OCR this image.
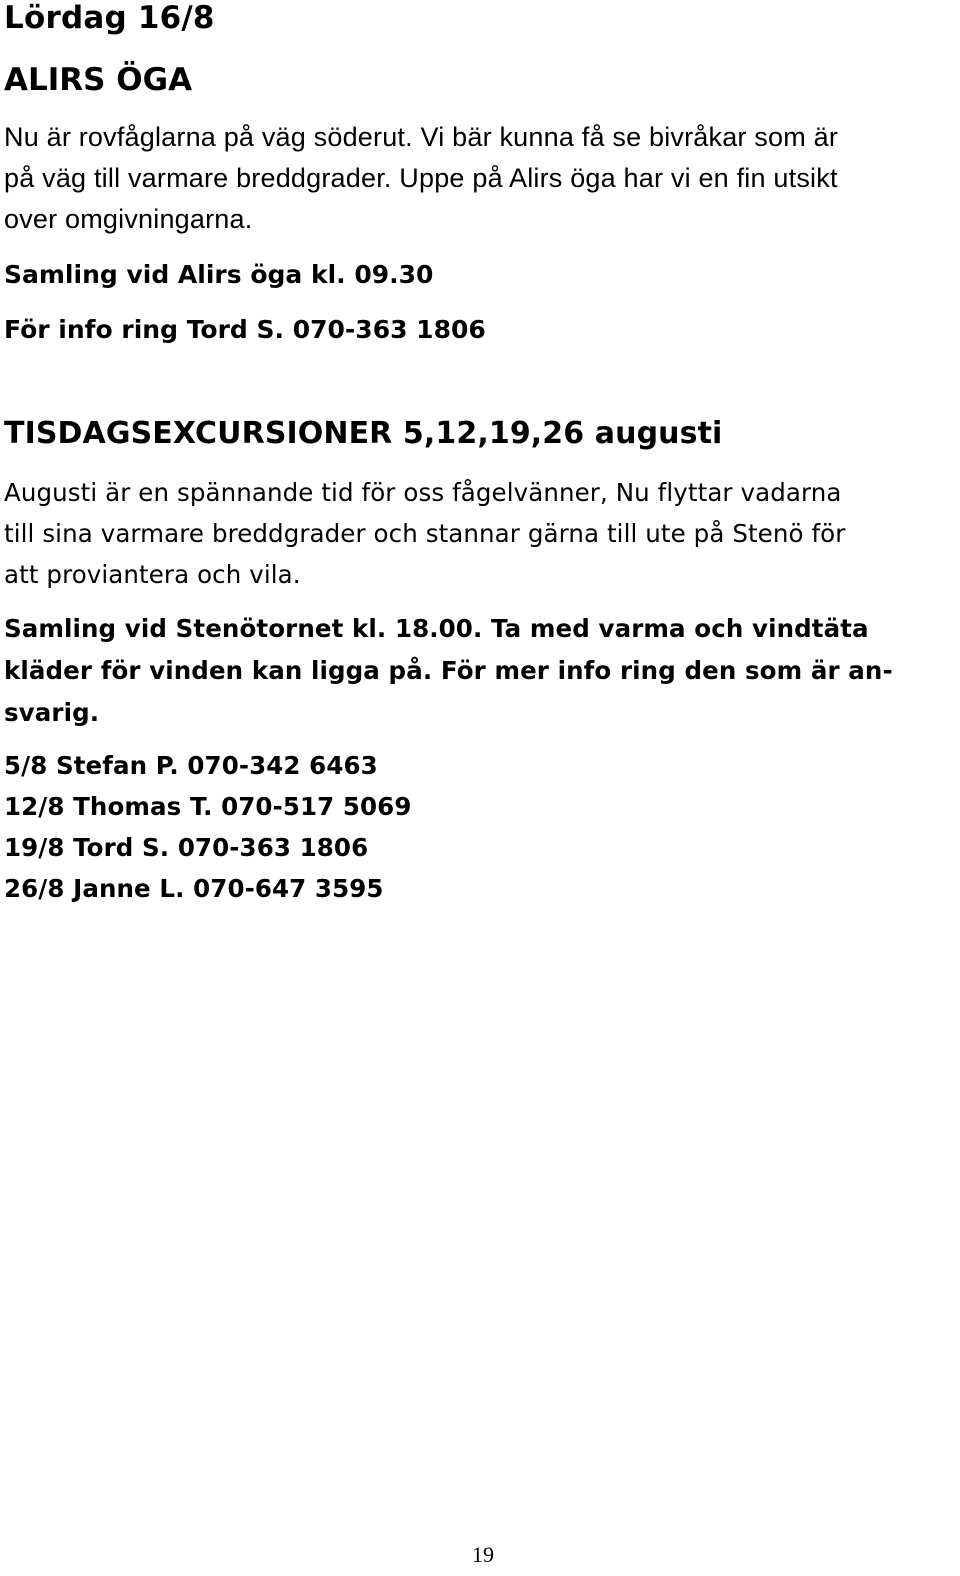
Lördag 16/8
ALIRS ÖGA

Nu är rovfåglarna på väg söderut. Vi bär kunna få se bivråkar som är

på väg till varmare breddgrader. Uppe på Alirs öga har vi en fin utsikt

over omgivningarna.

Samling vid Alirs öga kl. 09.30

För info ring Tord S. 070-363 1806

TISDAGSEXCURSIONER 5,12,19,26 augusti

Augusti är en spännande tid för oss fågelvänner, Nu flyttar vadarna

till sina varmare breddgrader och stannar gärna till ute på Stenö för

att proviantera och vila.

Samling vid Stenötornet kl. 18.00. Ta med varma och vindtäta

kläder för vinden kan ligga på. För mer info ring den som är an-

svarig.

5/8 Stefan P. 070-342 6463

12/8 Thomas T. 070-517 5069

19/8 Tord S. 070-363 1806

26/8 Janne L. 070-647 3595

19
